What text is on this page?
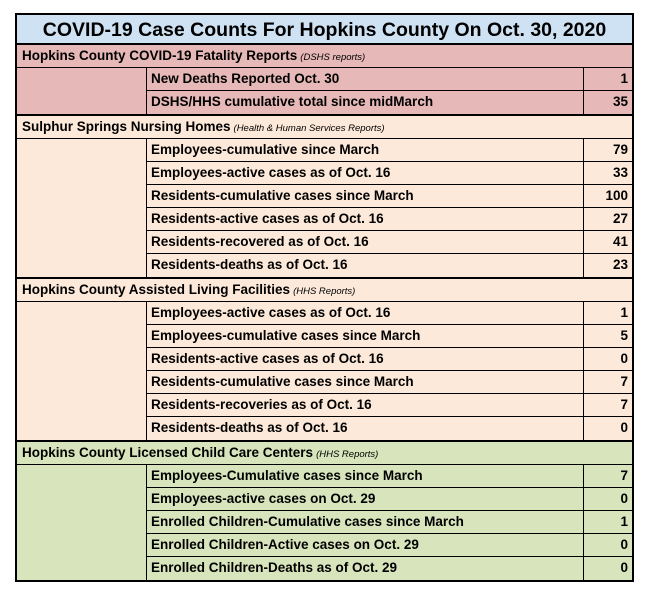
COVID-19 Case Counts For Hopkins County On Oct. 30, 2020
Hopkins County COVID-19 Fatality Reports (DSHS reports)
New Deaths Reported Oct. 30	1
DSHS/HHS cumulative total since midMarch	35
Sulphur Springs Nursing Homes (Health & Human Services Reports)
Employees-cumulative since March	79
Employees-active cases as of Oct. 16	33
Residents-cumulative cases since March	100
Residents-active cases as of Oct. 16	27
Residents-recovered as of Oct. 16	41
Residents-deaths as of Oct. 16	23
Hopkins County Assisted Living Facilities (HHS Reports)
Employees-active cases as of Oct. 16	1
Employees-cumulative cases since March	5
Residents-active cases as of Oct. 16	0
Residents-cumulative cases since March	7
Residents-recoveries as of Oct. 16	7
Residents-deaths as of Oct. 16	0
Hopkins County Licensed Child Care Centers (HHS Reports)
Employees-Cumulative cases since March	7
Employees-active cases on Oct. 29	0
Enrolled Children-Cumulative cases since March	1
Enrolled Children-Active cases on Oct. 29	0
Enrolled Children-Deaths as of Oct. 29	0
